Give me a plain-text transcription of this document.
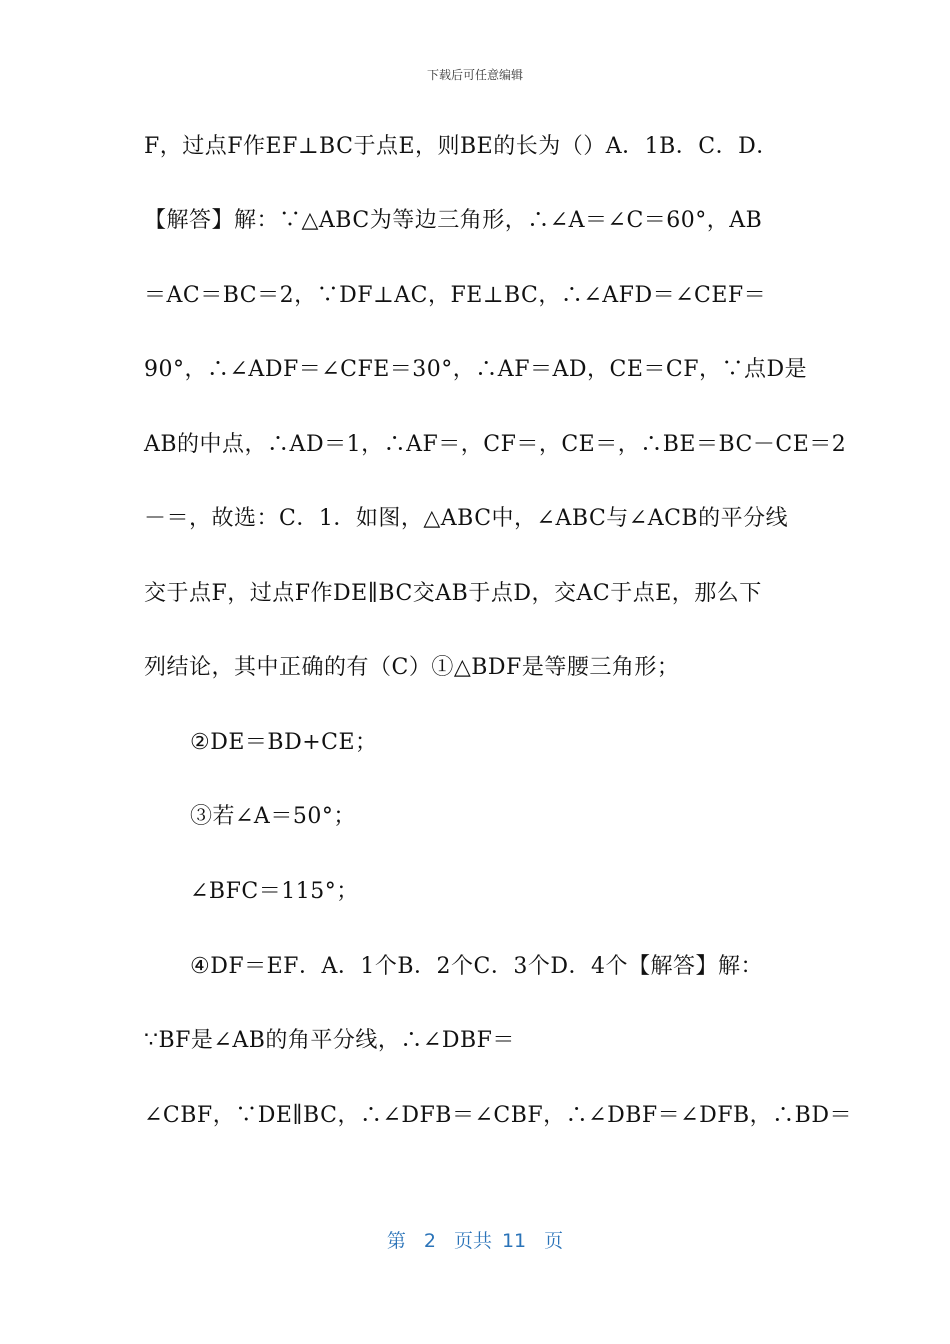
下载后可任意编辑
F，过点F作EF⊥BC于点E，则BE的长为（）A．1B．C．D．
【解答】解：∵△ABC为等边三角形，∴∠A＝∠C＝60°，AB
＝AC＝BC＝2，∵DF⊥AC，FE⊥BC，∴∠AFD＝∠CEF＝
90°，∴∠ADF＝∠CFE＝30°，∴AF＝AD，CE＝CF，∵点D是
AB的中点，∴AD＝1，∴AF＝，CF＝，CE＝，∴BE＝BC－CE＝2
－＝，故选：C．1．如图，△ABC中，∠ABC与∠ACB的平分线
交于点F，过点F作DE∥BC交AB于点D，交AC于点E，那么下
列结论，其中正确的有（C）①△BDF是等腰三角形；
②DE＝BD+CE；
③若∠A＝50°；
∠BFC＝115°；
④DF＝EF．A．1个B．2个C．3个D．4个【解答】解：
∵BF是∠AB的角平分线，∴∠DBF＝
∠CBF，∵DE∥BC，∴∠DFB＝∠CBF，∴∠DBF＝∠DFB，∴BD＝
第 2 页共 11 页
